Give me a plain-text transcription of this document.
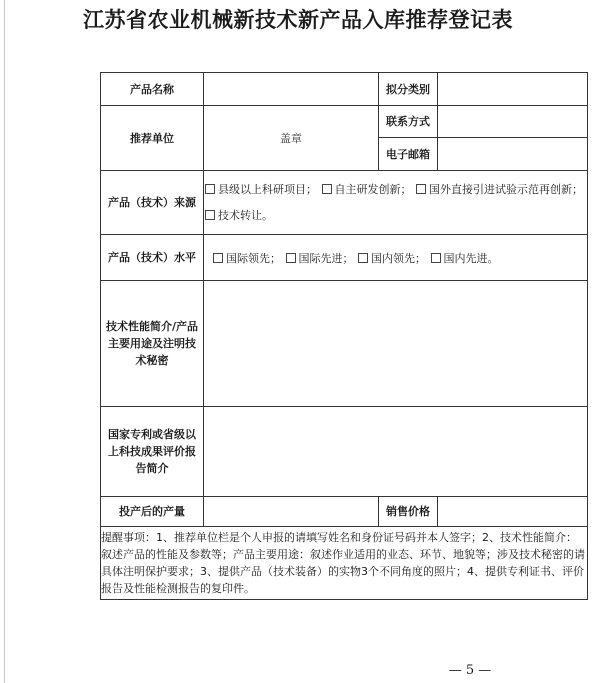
江苏省农业机械新技术新产品入库推荐登记表
产品名称		拟分类别	
推荐单位	盖章	联系方式	
		电子邮箱	
产品（技术）来源	县级以上科研项目； 自主研发创新； 国外直接引进试验示范再创新； 技术转让。		
产品（技术）水平	国际领先； 国际先进； 国内领先； 国内先进。		
技术性能简介/产品主要用途及注明技术秘密			
国家专利或省级以上科技成果评价报告简介			
投产后的产量		销售价格	
提醒事项：1、推荐单位栏是个人申报的请填写姓名和身份证号码并本人签字；2、技术性能简介：叙述产品的性能及参数等；产品主要用途：叙述作业适用的业态、环节、地貌等；涉及技术秘密的请具体注明保护要求；3、提供产品（技术装备）的实物3个不同角度的照片；4、提供专利证书、评价报告及性能检测报告的复印件。			
— 5 —
